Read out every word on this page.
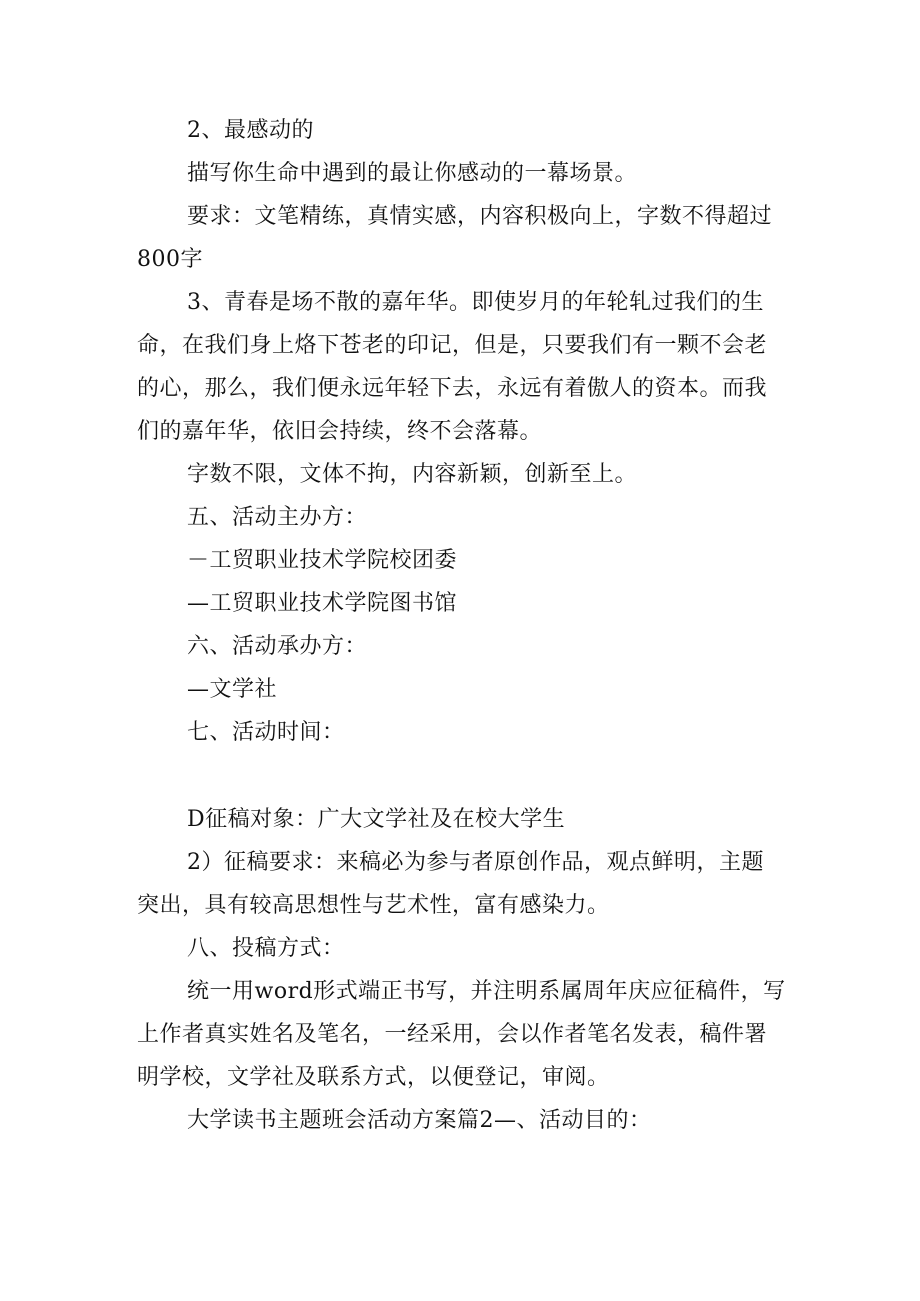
2、最感动的
描写你生命中遇到的最让你感动的一幕场景。
要求：文笔精练，真情实感，内容积极向上，字数不得超过
800字
3、青春是场不散的嘉年华。即使岁月的年轮轧过我们的生
命，在我们身上烙下苍老的印记，但是，只要我们有一颗不会老
的心，那么，我们便永远年轻下去，永远有着傲人的资本。而我
们的嘉年华，依旧会持续，终不会落幕。
字数不限，文体不拘，内容新颖，创新至上。
五、活动主办方：
－工贸职业技术学院校团委
—工贸职业技术学院图书馆
六、活动承办方：
—文学社
七、活动时间：
D征稿对象：广大文学社及在校大学生
2）征稿要求：来稿必为参与者原创作品，观点鲜明，主题
突出，具有较高思想性与艺术性，富有感染力。
八、投稿方式：
统一用word形式端正书写，并注明系属周年庆应征稿件，写
上作者真实姓名及笔名，一经采用，会以作者笔名发表，稿件署
明学校，文学社及联系方式，以便登记，审阅。
大学读书主题班会活动方案篇2—、活动目的：
